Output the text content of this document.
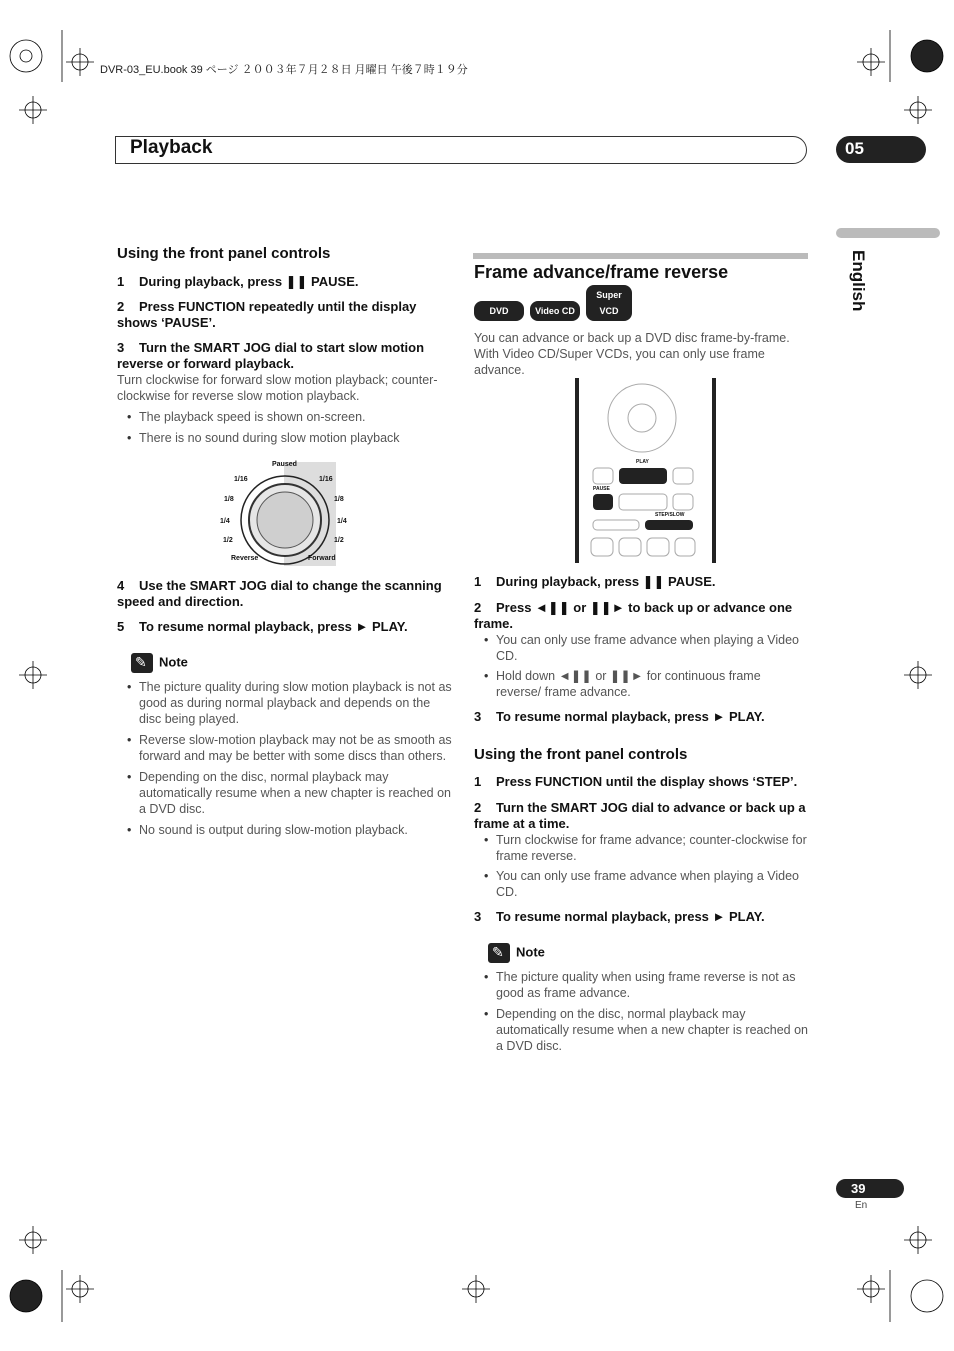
DVR-03_EU.book 39 ページ ２００３年７月２８日 月曜日 午後７時１９分
Playback	05
English
Using the front panel controls
1 During playback, press ❚❚ PAUSE.
2 Press FUNCTION repeatedly until the display shows ‘PAUSE’.
3 Turn the SMART JOG dial to start slow motion reverse or forward playback.
Turn clockwise for forward slow motion playback; counter-clockwise for reverse slow motion playback.
• The playback speed is shown on-screen.
• There is no sound during slow motion playback
Paused
1/16
1/8
1/4
1/2
1/16
1/8
1/4
1/2
Reverse	Forward
4 Use the SMART JOG dial to change the scanning speed and direction.
5 To resume normal playback, press ► PLAY.
✎Note
• The picture quality during slow motion playback is not as good as during normal playback and depends on the disc being played.
• Reverse slow-motion playback may not be as smooth as forward and may be better with some discs than others.
• Depending on the disc, normal playback may automatically resume when a new chapter is reached on a DVD disc.
• No sound is output during slow-motion playback.
Frame advance/frame reverse
DVD	Video CDSuper VCD
You can advance or back up a DVD disc frame-by-frame. With Video CD/Super VCDs, you can only use frame advance.
PLAY
PAUSE
STEP/SLOW
1 During playback, press ❚❚ PAUSE.
2 Press ◄❚❚ or ❚❚► to back up or advance one frame.
• You can only use frame advance when playing a Video CD.
• Hold down ◄❚❚ or ❚❚► for continuous frame reverse/ frame advance.
3 To resume normal playback, press ► PLAY.
Using the front panel controls
1 Press FUNCTION until the display shows ‘STEP’.
2 Turn the SMART JOG dial to advance or back up a frame at a time.
• Turn clockwise for frame advance; counter-clockwise for frame reverse.
• You can only use frame advance when playing a Video CD.
3 To resume normal playback, press ► PLAY.
✎Note
• The picture quality when using frame reverse is not as good as frame advance.
• Depending on the disc, normal playback may automatically resume when a new chapter is reached on a DVD disc.
39
En
